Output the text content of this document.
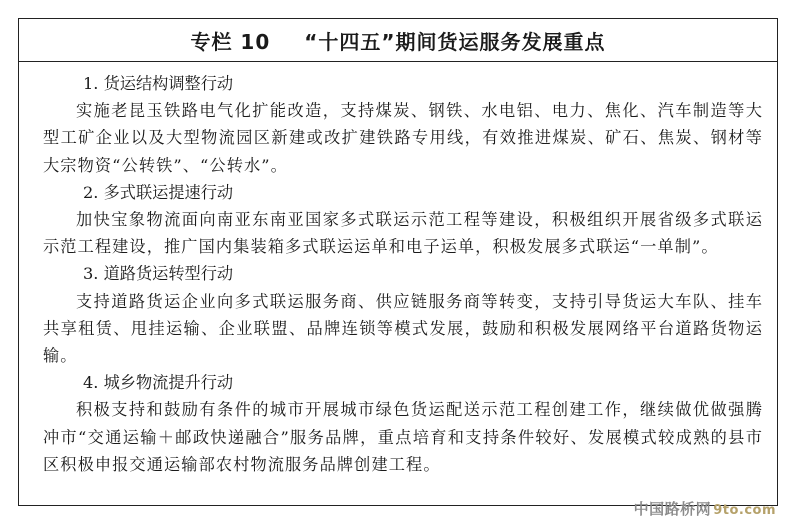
专栏 10 “十四五”期间货运服务发展重点
1. 货运结构调整行动
实施老昆玉铁路电气化扩能改造，支持煤炭、钢铁、水电铝、电力、焦化、汽车制造等大型工矿企业以及大型物流园区新建或改扩建铁路专用线，有效推进煤炭、矿石、焦炭、钢材等大宗物资“公转铁”、“公转水”。
2. 多式联运提速行动
加快宝象物流面向南亚东南亚国家多式联运示范工程等建设，积极组织开展省级多式联运示范工程建设，推广国内集装箱多式联运运单和电子运单，积极发展多式联运“一单制”。
3. 道路货运转型行动
支持道路货运企业向多式联运服务商、供应链服务商等转变，支持引导货运大车队、挂车共享租赁、甩挂运输、企业联盟、品牌连锁等模式发展，鼓励和积极发展网络平台道路货物运输。
4. 城乡物流提升行动
积极支持和鼓励有条件的城市开展城市绿色货运配送示范工程创建工作，继续做优做强腾冲市“交通运输＋邮政快递融合”服务品牌，重点培育和支持条件较好、发展模式较成熟的县市区积极申报交通运输部农村物流服务品牌创建工程。
中国路桥网 9to.com
